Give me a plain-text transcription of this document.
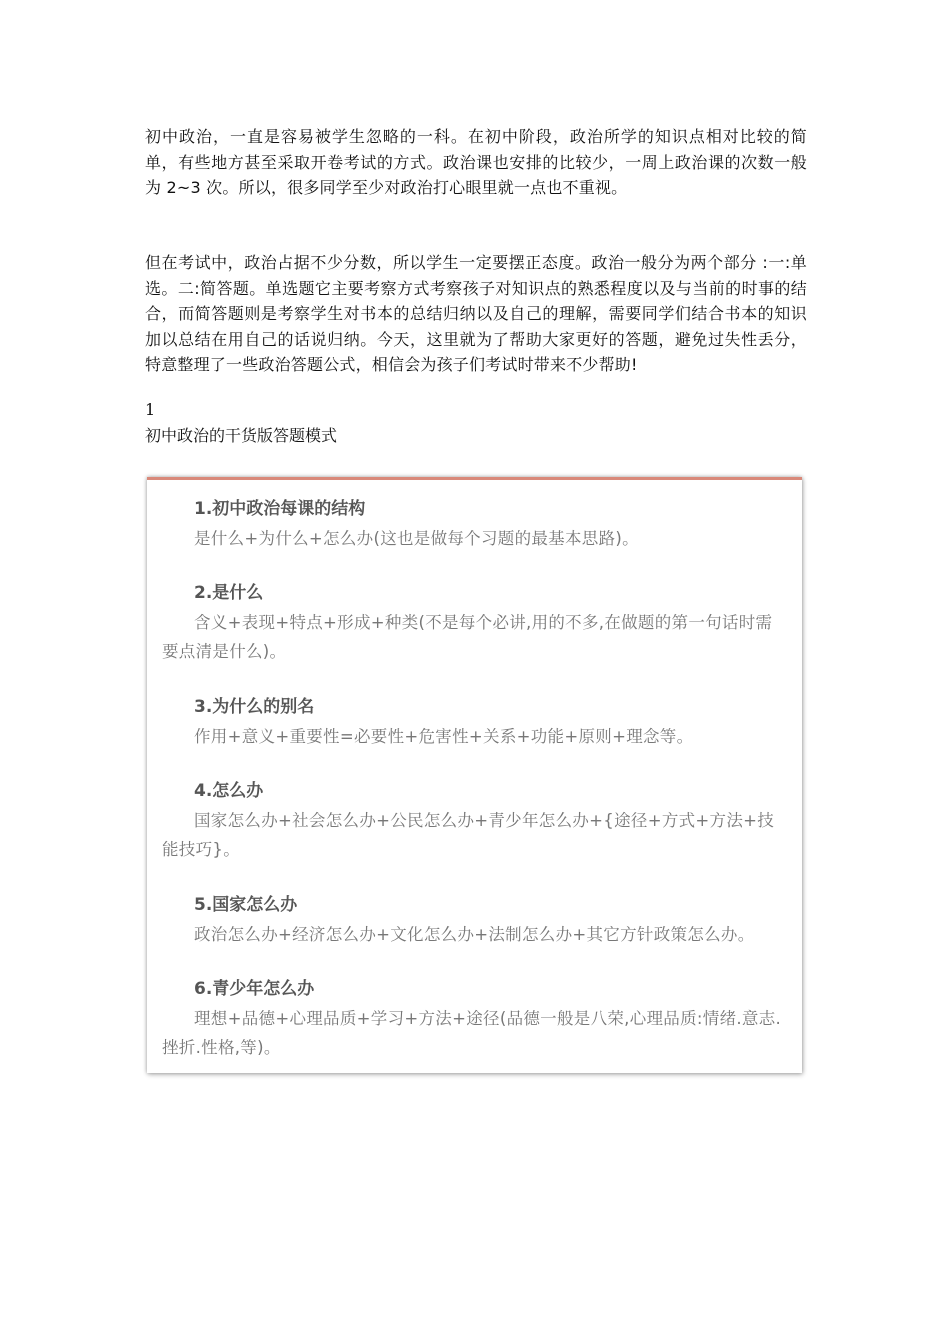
初中政治，一直是容易被学生忽略的一科。在初中阶段，政治所学的知识点相对比较的简单，有些地方甚至采取开卷考试的方式。政治课也安排的比较少，一周上政治课的次数一般为 2~3 次。所以，很多同学至少对政治打心眼里就一点也不重视。

但在考试中，政治占据不少分数，所以学生一定要摆正态度。政治一般分为两个部分 :一:单选。二:简答题。单选题它主要考察方式考察孩子对知识点的熟悉程度以及与当前的时事的结合，而简答题则是考察学生对书本的总结归纳以及自己的理解，需要同学们结合书本的知识加以总结在用自己的话说归纳。今天，这里就为了帮助大家更好的答题，避免过失性丢分，特意整理了一些政治答题公式，相信会为孩子们考试时带来不少帮助!

1
初中政治的干货版答题模式

1.初中政治每课的结构

是什么+为什么+怎么办(这也是做每个习题的最基本思路)。

2.是什么

含义+表现+特点+形成+种类(不是每个必讲,用的不多,在做题的第一句话时需要点清是什么)。

3.为什么的别名

作用+意义+重要性=必要性+危害性+关系+功能+原则+理念等。

4.怎么办

国家怎么办+社会怎么办+公民怎么办+青少年怎么办+{途径+方式+方法+技能技巧}。

5.国家怎么办

政治怎么办+经济怎么办+文化怎么办+法制怎么办+其它方针政策怎么办。

6.青少年怎么办

理想+品德+心理品质+学习+方法+途径(品德一般是八荣,心理品质:情绪.意志.挫折.性格,等)。
